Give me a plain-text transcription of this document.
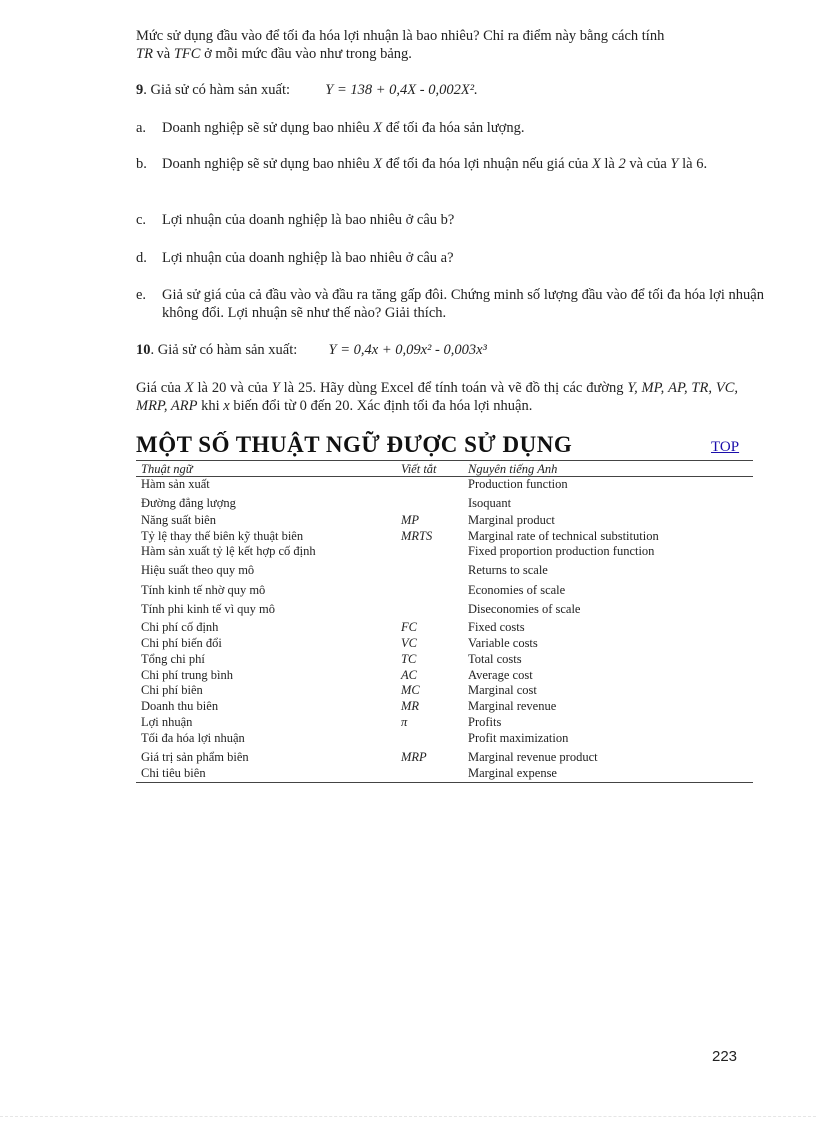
Mức sử dụng đầu vào để tối đa hóa lợi nhuận là bao nhiêu? Chỉ ra điểm này bằng cách tính
TR và TFC ở mỗi mức đầu vào như trong bảng.
9. Giả sử có hàm sản xuất: Y = 138 + 0,4X - 0,002X².
a. Doanh nghiệp sẽ sử dụng bao nhiêu X để tối đa hóa sản lượng.
b. Doanh nghiệp sẽ sử dụng bao nhiêu X để tối đa hóa lợi nhuận nếu giá của X là 2 và của Y là 6.
c. Lợi nhuận của doanh nghiệp là bao nhiêu ở câu b?
d. Lợi nhuận của doanh nghiệp là bao nhiêu ở câu a?
e. Giả sử giá của cả đầu vào và đầu ra tăng gấp đôi. Chứng minh số lượng đầu vào để tối đa hóa lợi nhuận không đổi. Lợi nhuận sẽ như thế nào? Giải thích.
10. Giả sử có hàm sản xuất: Y = 0,4x + 0,09x² - 0,003x³
Giá của X là 20 và của Y là 25. Hãy dùng Excel để tính toán và vẽ đồ thị các đường Y, MP, AP, TR, VC, MRP, ARP khi x biến đổi từ 0 đến 20. Xác định tối đa hóa lợi nhuận.
MỘT SỐ THUẬT NGỮ ĐƯỢC SỬ DỤNG	TOP
Thuật ngữ	Viết tắt	Nguyên tiếng Anh
Hàm sản xuất		Production function
Đường đẳng lượng		Isoquant
Năng suất biên	MP	Marginal product
Tỷ lệ thay thế biên kỹ thuật biên	MRTS	Marginal rate of technical substitution
Hàm sản xuất tỷ lệ kết hợp cố định		Fixed proportion production function
Hiệu suất theo quy mô		Returns to scale
Tính kinh tế nhờ quy mô		Economies of scale
Tính phi kinh tế vì quy mô		Diseconomies of scale
Chi phí cố định	FC	Fixed costs
Chi phí biến đổi	VC	Variable costs
Tổng chi phí	TC	Total costs
Chi phí trung bình	AC	Average cost
Chi phí biên	MC	Marginal cost
Doanh thu biên	MR	Marginal revenue
Lợi nhuận	π	Profits
Tối đa hóa lợi nhuận		Profit maximization
Giá trị sản phẩm biên	MRP	Marginal revenue product
Chi tiêu biên		Marginal expense
223
